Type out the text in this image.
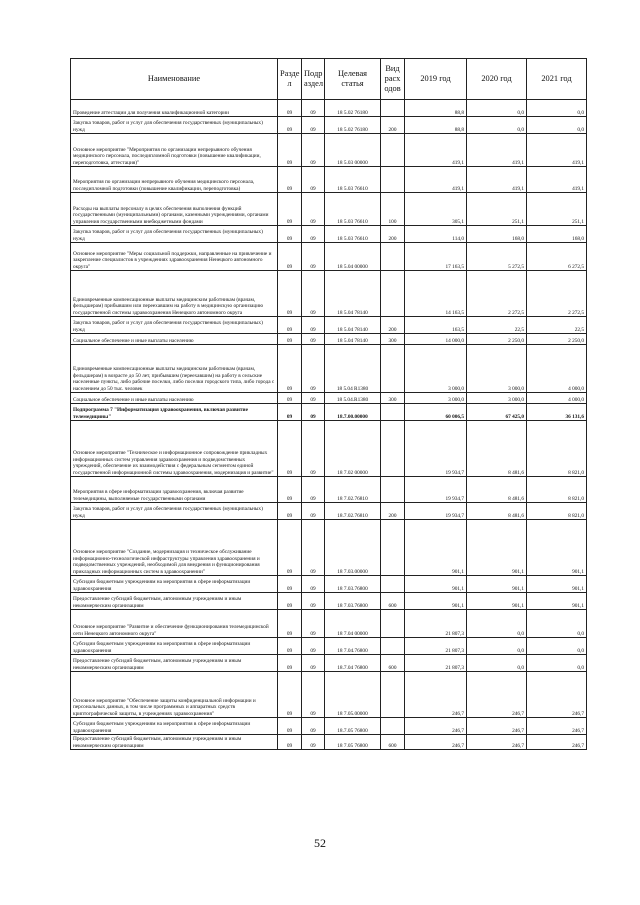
Наименование	Разде л	Подр аздел	Целевая статья	Вид расх одов	2019 год	2020 год	2021 год
Проведение аттестации для получения квалификационной категории	09	09	18 5.02 76180		88,8	0,0	0,0
Закупка товаров, работ и услуг для обеспечения государственных (муниципальных) нужд	09	09	18 5.02 76180	200	88,8	0,0	0,0
Основное мероприятие "Мероприятия по организации непрерывного обучения медицинского персонала, последипломной подготовки (повышение квалификации, переподготовка, аттестация)"	09	09	18 5.03 00000		419,1	419,1	419,1
Мероприятия по организации непрерывного обучения медицинского персонала, последипломной подготовки (повышение квалификации, переподготовка)	09	09	18 5.03 76610		419,1	419,1	419,1
Расходы на выплаты персоналу в целях обеспечения выполнения функций государственными (муниципальными) органами, казенными учреждениями, органами управления государственными внебюджетными фондами	09	09	18 5.03 76610	100	305,1	251,1	251,1
Закупка товаров, работ и услуг для обеспечения государственных (муниципальных) нужд	09	09	18 5.03 76610	200	114,0	168,0	168,0
Основное мероприятие "Меры социальной поддержки, направленные на привлечение и закрепление специалистов в учреждениях здравоохранения Ненецкого автономного округа"	09	09	18 5.04 00000		17 163,5	5 272,5	6 272,5
Единовременные компенсационные выплаты медицинским работникам (врачам, фельдшерам) прибывшим или переехавшим на работу в медицинскую организацию государственной системы здравоохранения Ненецкого автономного округа	09	09	18 5.04 78140		14 163,5	2 272,5	2 272,5
Закупка товаров, работ и услуг для обеспечения государственных (муниципальных) нужд	09	09	18 5.04 78140	200	163,5	22,5	22,5
Социальное обеспечение и иные выплаты населению	09	09	18 5.04 78140	300	14 000,0	2 250,0	2 250,0
Единовременные компенсационные выплаты медицинским работникам (врачам, фельдшерам) в возрасте до 50 лет, прибывшим (переехавшим) на работу в сельские населенные пункты, либо рабочие поселки, либо поселки городского типа, либо города с населением до 50 тыс. человек	09	09	18 5.04 R1380		3 000,0	3 000,0	4 000,0
Социальное обеспечение и иные выплаты населению	09	09	18 5.04.R1380	300	3 000,0	3 000,0	4 000,0
Подпрограмма 7 "Информатизация здравоохранения, включая развитие телемедицины"	09	09	18.7.00.00000		60 006,5	67 425,0	36 131,6
Основное мероприятие "Техническое и информационное сопровождение прикладных информационных систем управления здравоохранения и подведомственных учреждений, обеспечение их взаимодействия с федеральным сегментом единой государственной информационной системы здравоохранения, модернизация и развитие"	09	09	18 7.02 00000		19 934,7	8 481,6	8 821,0
Мероприятия в сфере информатизации здравоохранения, включая развитие телемедицины, выполняемые государственными органами	09	09	18 7.02.76810		19 934,7	8 481,6	8 821,0
Закупка товаров, работ и услуг для обеспечения государственных (муниципальных) нужд	09	09	18.7.02.76810	200	19 934,7	8 481,6	8 821,0
Основное мероприятие "Создание, модернизация и техническое обслуживание информационно-технологической инфраструктуры управления здравоохранения и подведомственных учреждений, необходимой для внедрения и функционирования прикладных информационных систем в здравоохранении"	09	09	18 7.03.00000		901,1	901,1	901,1
Субсидии бюджетным учреждениям на мероприятия в сфере информатизации здравоохранения	09	09	18 7.03.76800		901,1	901,1	901,1
Предоставление субсидий бюджетным, автономным учреждениям и иным некоммерческим организациям	09	09	18 7.03.76800	600	901,1	901,1	901,1
Основное мероприятие "Развитие и обеспечение функционирования телемедицинской сети Ненецкого автономного округа"	09	09	18 7.04 00000		21 807,3	0,0	0,0
Субсидии бюджетным учреждениям на мероприятия в сфере информатизации здравоохранения	09	09	18 7.04.76800		21 807,3	0,0	0,0
Предоставление субсидий бюджетным, автономным учреждениям и иным некоммерческим организациям	09	09	18.7.04 76800	600	21 807,3	0,0	0,0
Основное мероприятие "Обеспечение защиты конфиденциальной информации и персональных данных, в том числе программных и аппаратных средств криптографической защиты, в учреждениях здравоохранения"	09	09	18 7.05.00000		246,7	246,7	246,7
Субсидии бюджетным учреждениям на мероприятия в сфере информатизации здравоохранения	09	09	18.7.05 76800		246,7	246,7	246,7
Предоставление субсидий бюджетным, автономным учреждениям и иным некоммерческим организациям	09	09	18 7.05 76800	600	246,7	246,7	246,7
52
